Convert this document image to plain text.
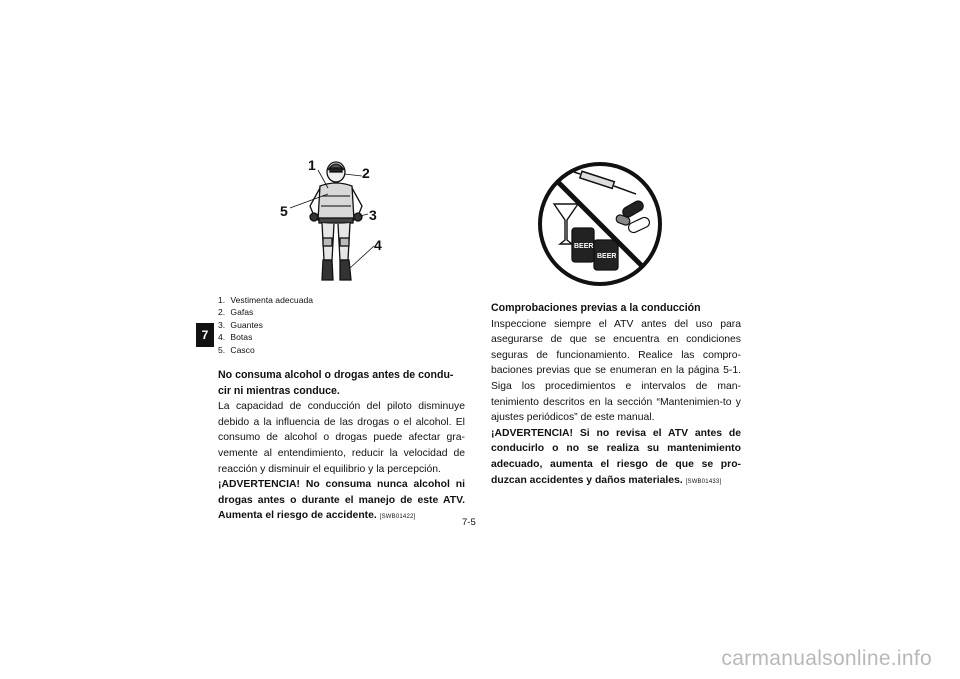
7
1	2
3
4
5
BEER
BEER
1. Vestimenta adecuada
2. Gafas
3. Guantes
4. Botas
5. Casco

No consuma alcohol o drogas antes de condu-cir ni mientras conduce.

La capacidad de conducción del piloto disminuye debido a la influencia de las drogas o el alcohol. El consumo de alcohol o drogas puede afectar gra-vemente al entendimiento, reducir la velocidad de reacción y disminuir el equilibrio y la percepción.

¡ADVERTENCIA! No consuma nunca alcohol ni drogas antes o durante el manejo de este ATV. Aumenta el riesgo de accidente. [SWB01422]

Comprobaciones previas a la conducción

Inspeccione siempre el ATV antes del uso para asegurarse de que se encuentra en condiciones seguras de funcionamiento. Realice las compro-baciones previas que se enumeran en la página 5-1. Siga los procedimientos e intervalos de man-tenimiento descritos en la sección “Mantenimien-to y ajustes periódicos” de este manual.

¡ADVERTENCIA! Si no revisa el ATV antes de conducirlo o no se realiza su mantenimiento adecuado, aumenta el riesgo de que se pro-duzcan accidentes y daños materiales. [SWB01433]

7-5
carmanualsonline.info
